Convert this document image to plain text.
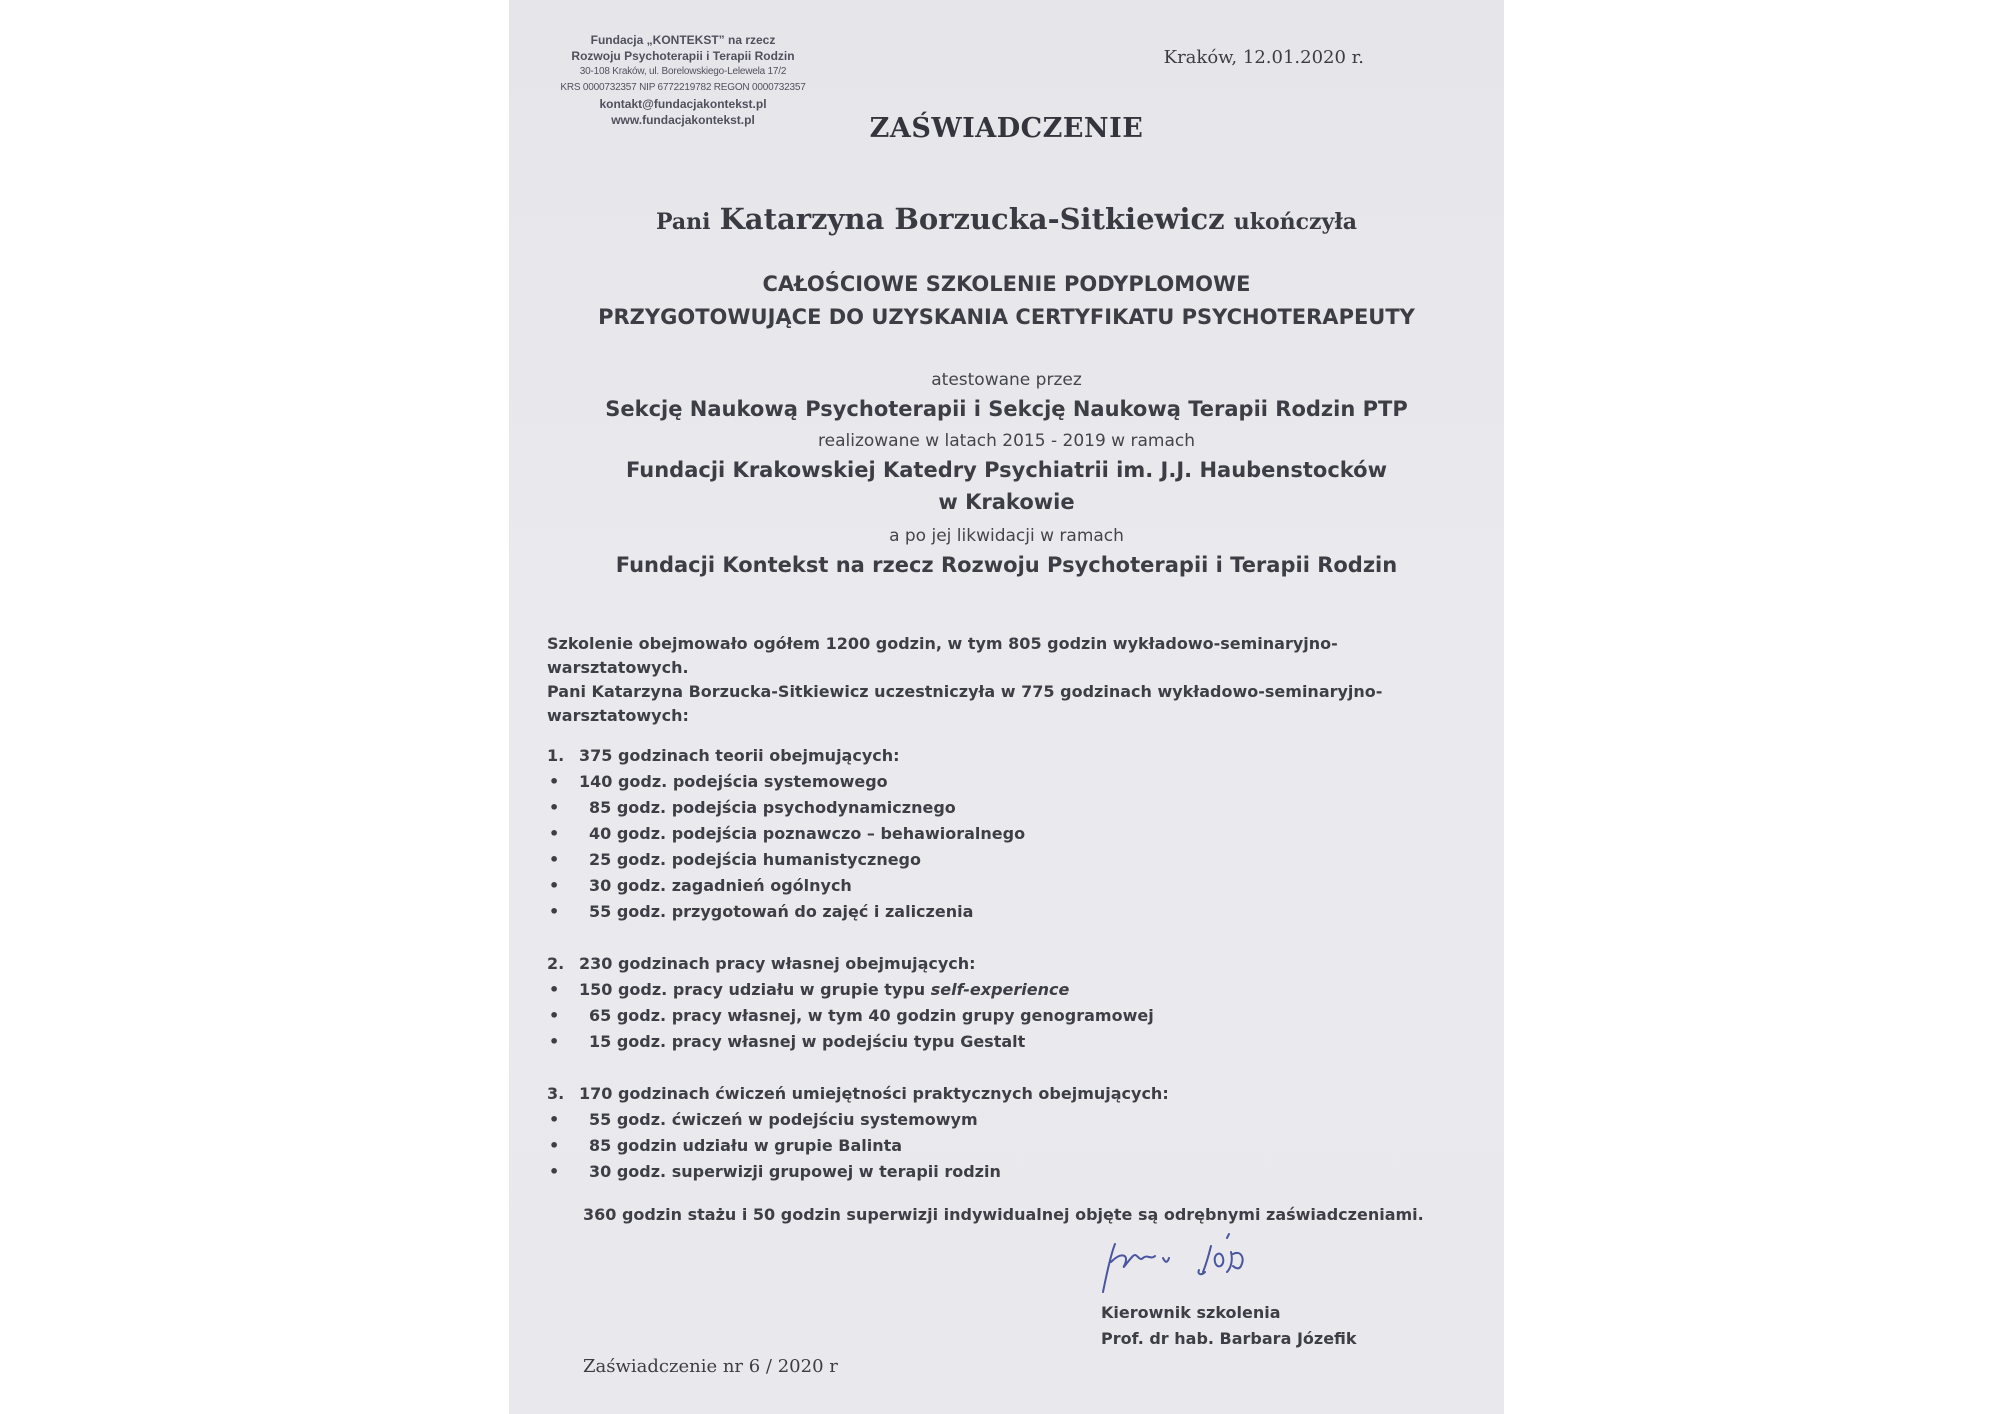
Fundacja „KONTEKST” na rzecz
Rozwoju Psychoterapii i Terapii Rodzin
30-108 Kraków, ul. Borelowskiego-Lelewela 17/2
KRS 0000732357 NIP 6772219782 REGON 0000732357
kontakt@fundacjakontekst.pl
www.fundacjakontekst.pl
Kraków, 12.01.2020 r.
ZAŚWIADCZENIE
Pani Katarzyna Borzucka-Sitkiewicz ukończyła
CAŁOŚCIOWE SZKOLENIE PODYPLOMOWE
PRZYGOTOWUJĄCE DO UZYSKANIA CERTYFIKATU PSYCHOTERAPEUTY
atestowane przez
Sekcję Naukową Psychoterapii i Sekcję Naukową Terapii Rodzin PTP
realizowane w latach 2015 - 2019 w ramach
Fundacji Krakowskiej Katedry Psychiatrii im. J.J. Haubenstocków
w Krakowie
a po jej likwidacji w ramach
Fundacji Kontekst na rzecz Rozwoju Psychoterapii i Terapii Rodzin
Szkolenie obejmowało ogółem 1200 godzin, w tym 805 godzin wykładowo-seminaryjno-warsztatowych.
Pani Katarzyna Borzucka-Sitkiewicz uczestniczyła w 775 godzinach wykładowo-seminaryjno-
warsztatowych:
1. 375 godzinach teorii obejmujących:
•	140 godz. podejścia systemowego
•	85 godz. podejścia psychodynamicznego
•	40 godz. podejścia poznawczo – behawioralnego
•	25 godz. podejścia humanistycznego
•	30 godz. zagadnień ogólnych
•	55 godz. przygotowań do zajęć i zaliczenia
2. 230 godzinach pracy własnej obejmujących:
•	150 godz. pracy udziału w grupie typu self-experience
•	65 godz. pracy własnej, w tym 40 godzin grupy genogramowej
•	15 godz. pracy własnej w podejściu typu Gestalt
3. 170 godzinach ćwiczeń umiejętności praktycznych obejmujących:
•	55 godz. ćwiczeń w podejściu systemowym
•	85 godzin udziału w grupie Balinta
•	30 godz. superwizji grupowej w terapii rodzin
360 godzin stażu i 50 godzin superwizji indywidualnej objęte są odrębnymi zaświadczeniami.
Kierownik szkolenia
Prof. dr hab. Barbara Józefik
Zaświadczenie nr 6 / 2020 r
